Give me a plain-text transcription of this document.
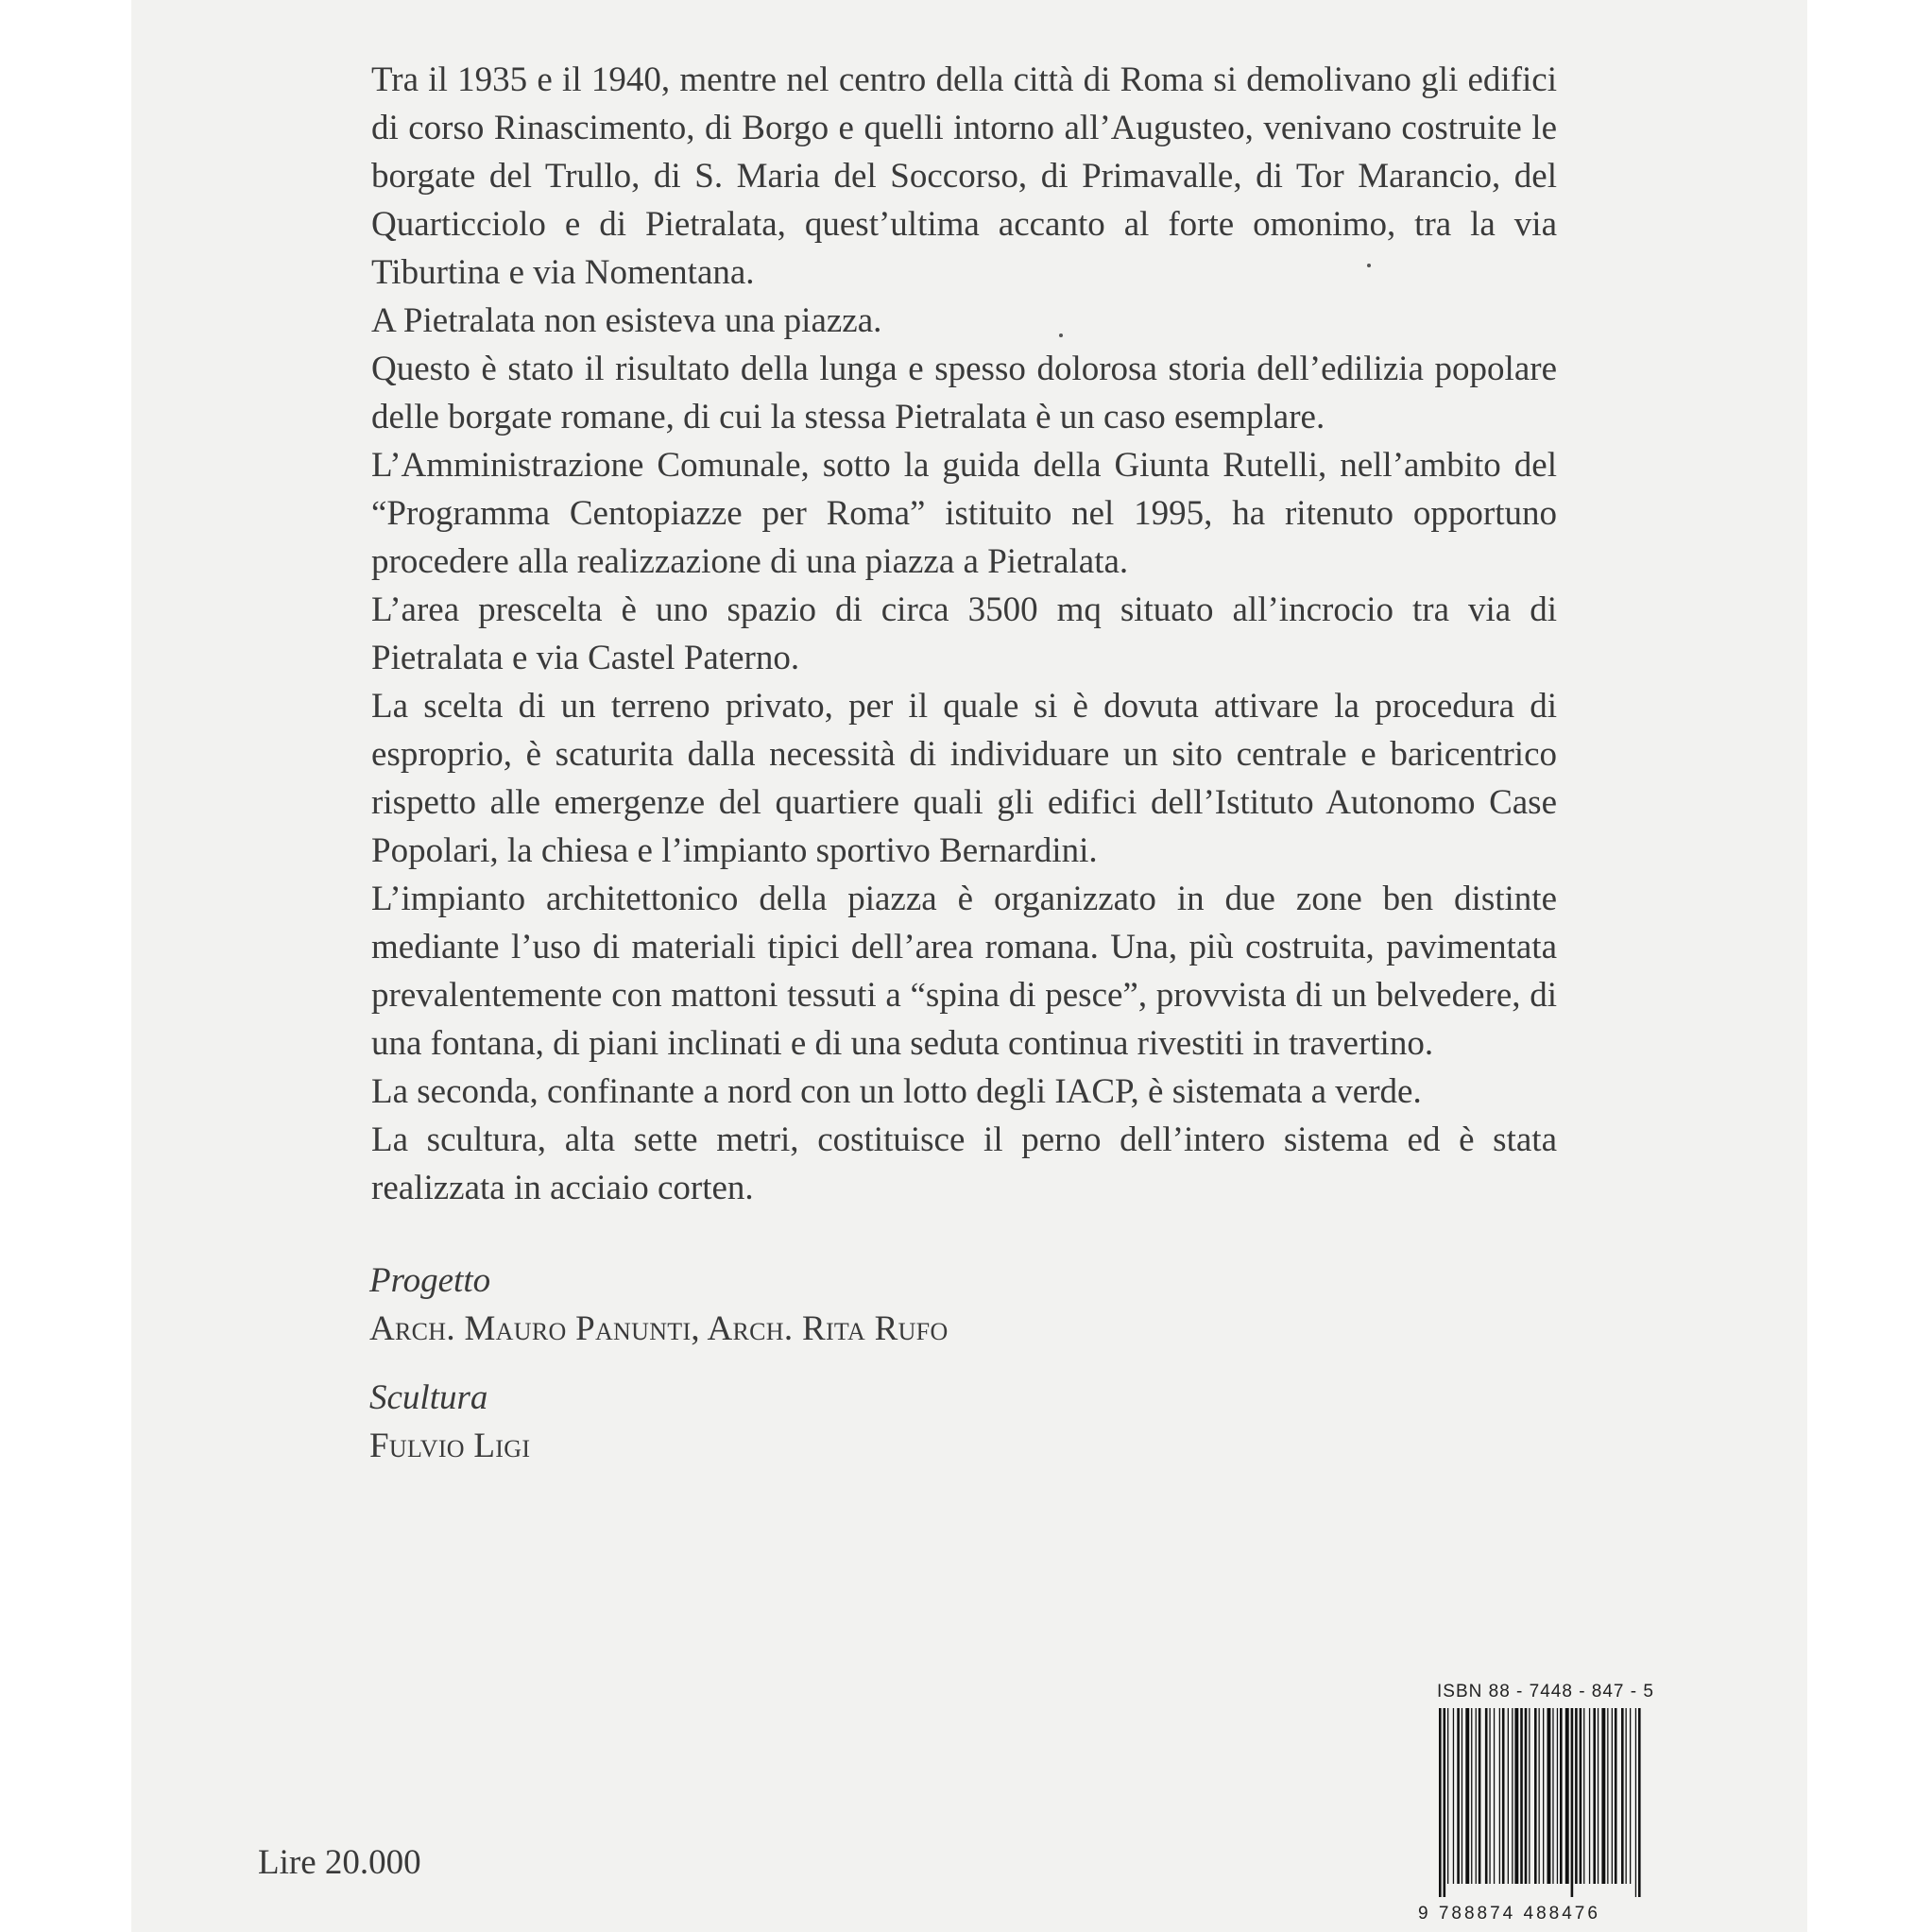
Tra il 1935 e il 1940, mentre nel centro della città di Roma si demolivano gli edifici di corso Rinascimento, di Borgo e quelli intorno all’Augusteo, venivano costruite le borgate del Trullo, di S. Maria del Soccorso, di Primavalle, di Tor Marancio, del Quarticciolo e di Pietralata, quest’ultima accanto al forte omonimo, tra la via Tiburtina e via Nomentana.

A Pietralata non esisteva una piazza.

Questo è stato il risultato della lunga e spesso dolorosa storia dell’edilizia popolare delle borgate romane, di cui la stessa Pietralata è un caso esemplare.

L’Amministrazione Comunale, sotto la guida della Giunta Rutelli, nell’ambito del “Programma Centopiazze per Roma” istituito nel 1995, ha ritenuto opportuno procedere alla realizzazione di una piazza a Pietralata.

L’area prescelta è uno spazio di circa 3500 mq situato all’incrocio tra via di Pietralata e via Castel Paterno.

La scelta di un terreno privato, per il quale si è dovuta attivare la procedura di esproprio, è scaturita dalla necessità di individuare un sito centrale e baricentrico rispetto alle emergenze del quartiere quali gli edifici dell’Istituto Autonomo Case Popolari, la chiesa e l’impianto sportivo Bernardini.

L’impianto architettonico della piazza è organizzato in due zone ben distinte mediante l’uso di materiali tipici dell’area romana. Una, più costruita, pavimentata prevalentemente con mattoni tessuti a “spina di pesce”, provvista di un belvedere, di una fontana, di piani inclinati e di una seduta continua rivestiti in travertino.

La seconda, confinante a nord con un lotto degli IACP, è sistemata a verde.

La scultura, alta sette metri, costituisce il perno dell’intero sistema ed è stata realizzata in acciaio corten.

Progetto
Arch. Mauro Panunti, Arch. Rita Rufo
Scultura
Fulvio Ligi
Lire 20.000
ISBN 88 - 7448 - 847 - 5
9 788874 488476
